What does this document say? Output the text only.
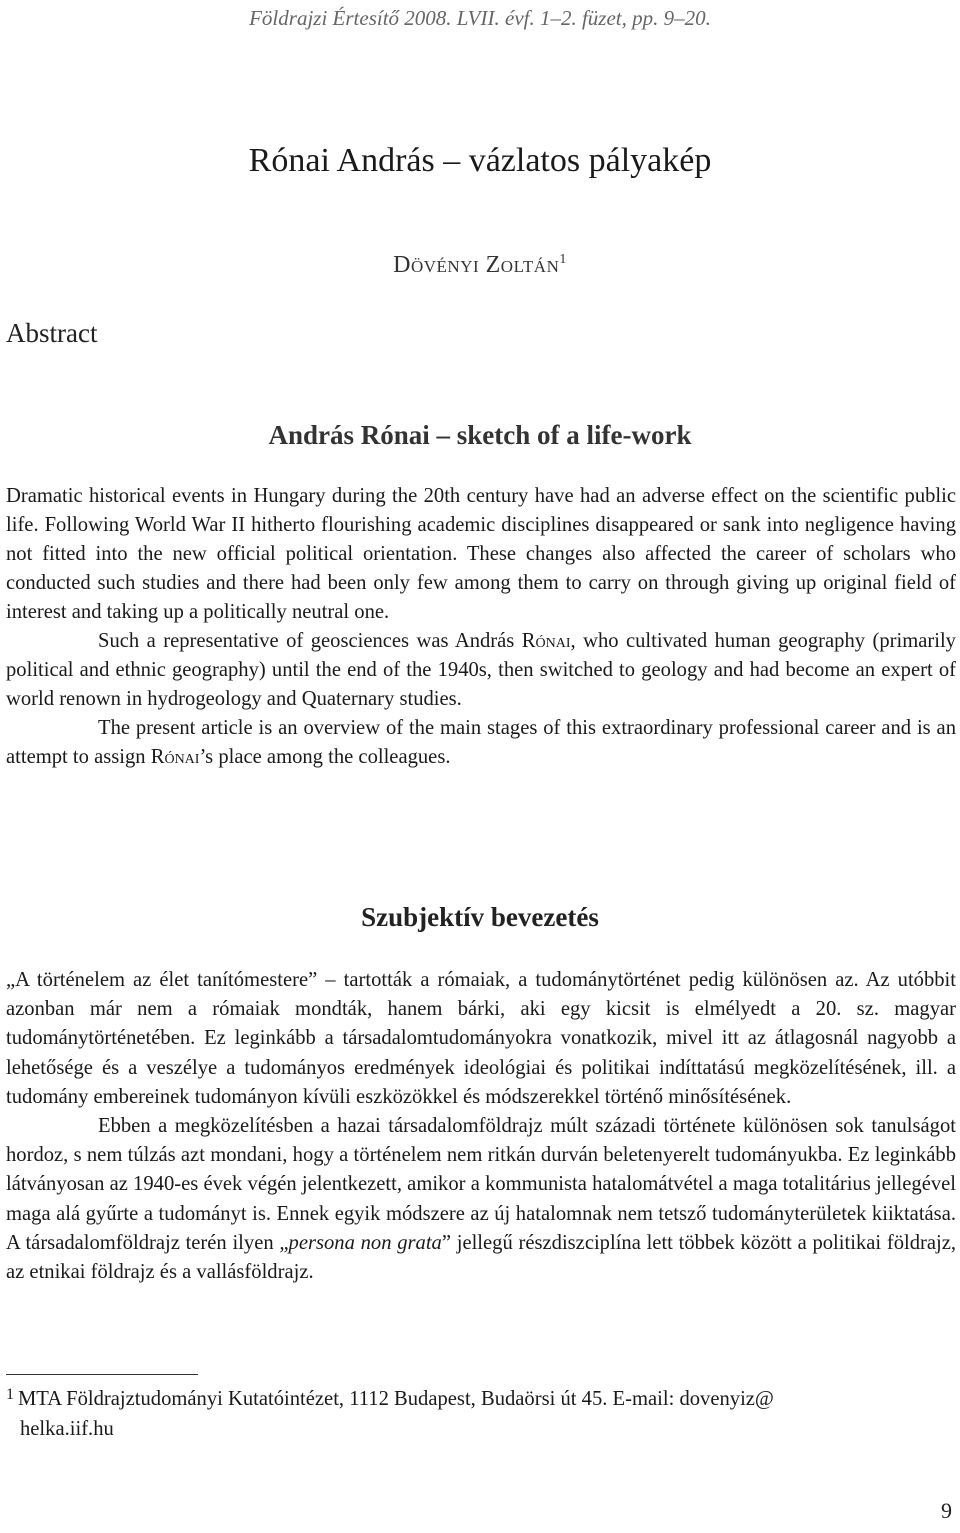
Földrajzi Értesítő 2008. LVII. évf. 1–2. füzet, pp. 9–20.
Rónai András – vázlatos pályakép
Dövényi Zoltán$^1$
Abstract
András Rónai – sketch of a life-work

Dramatic historical events in Hungary during the 20th century have had an adverse effect on the scientific public life. Following World War II hitherto flourishing academic disciplines disappeared or sank into negligence having not fitted into the new official political orientation. These changes also affected the career of scholars who conducted such studies and there had been only few among them to carry on through giving up original field of interest and taking up a politically neutral one.

Such a representative of geosciences was András Rónai, who cultivated human geography (primarily political and ethnic geography) until the end of the 1940s, then switched to geology and had become an expert of world renown in hydrogeology and Quaternary studies.

The present article is an overview of the main stages of this extraordinary professional career and is an attempt to assign Rónai’s place among the colleagues.

Szubjektív bevezetés

„A történelem az élet tanítómestere” – tartották a rómaiak, a tudománytörténet pedig különösen az. Az utóbbit azonban már nem a rómaiak mondták, hanem bárki, aki egy kicsit is elmélyedt a 20. sz. magyar tudománytörténetében. Ez leginkább a társadalomtudományokra vonatkozik, mivel itt az átlagosnál nagyobb a lehetősége és a veszélye a tudományos eredmények ideológiai és politikai indíttatású megközelítésének, ill. a tudomány embereinek tudományon kívüli eszközökkel és módszerekkel történő minősítésének.

Ebben a megközelítésben a hazai társadalomföldrajz múlt századi története különösen sok tanulságot hordoz, s nem túlzás azt mondani, hogy a történelem nem ritkán durván beletenyerelt tudományukba. Ez leginkább látványosan az 1940-es évek végén jelentkezett, amikor a kommunista hatalomátvétel a maga totalitárius jellegével maga alá gyűrte a tudományt is. Ennek egyik módszere az új hatalomnak nem tetsző tudományterületek kiiktatása. A társadalomföldrajz terén ilyen „persona non grata” jellegű részdiszciplína lett többek között a politikai földrajz, az etnikai földrajz és a vallásföldrajz.

$^1$ MTA Földrajztudományi Kutatóintézet, 1112 Budapest, Budaörsi út 45. E-mail: dovenyiz@
helka.iif.hu
9
